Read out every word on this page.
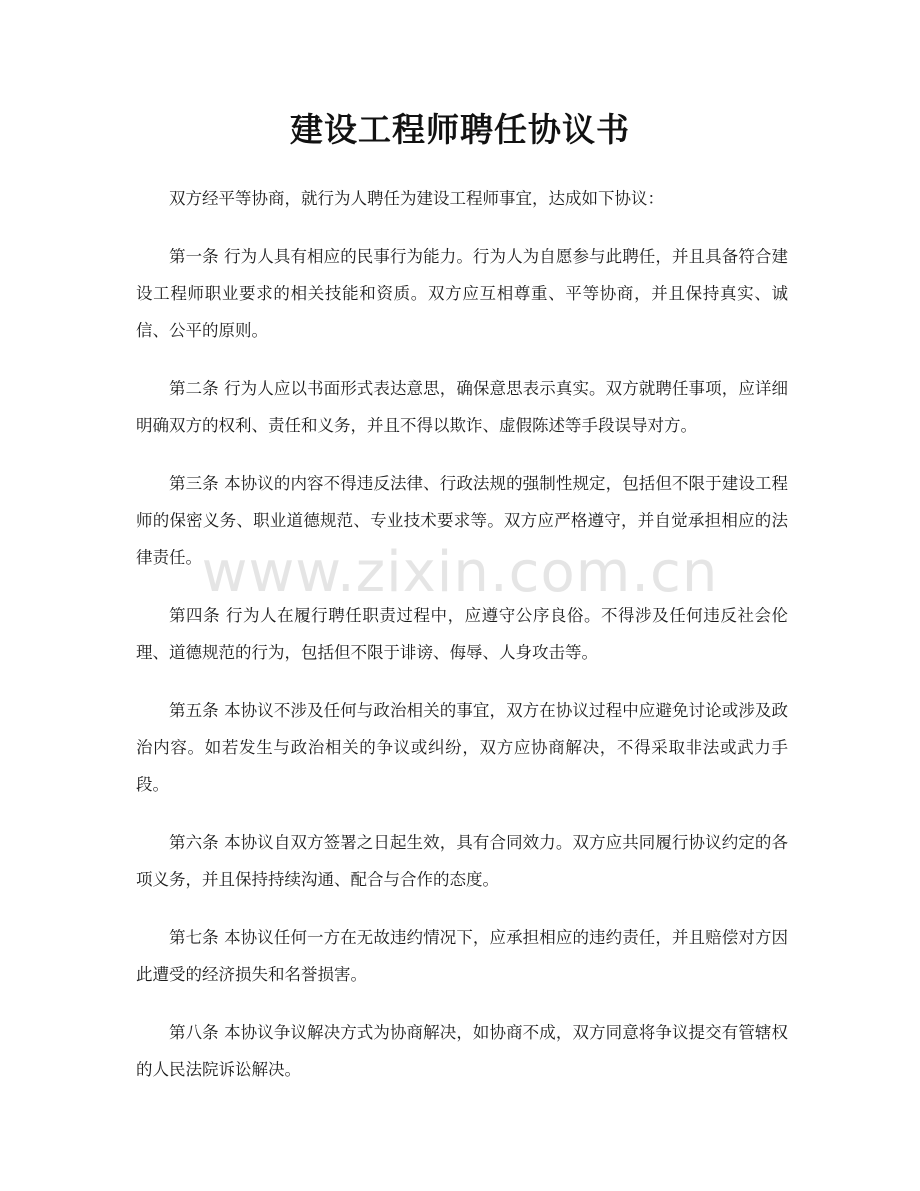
建设工程师聘任协议书

双方经平等协商，就行为人聘任为建设工程师事宜，达成如下协议：

第一条 行为人具有相应的民事行为能力。行为人为自愿参与此聘任，并且具备符合建设工程师职业要求的相关技能和资质。双方应互相尊重、平等协商，并且保持真实、诚信、公平的原则。

第二条 行为人应以书面形式表达意思，确保意思表示真实。双方就聘任事项，应详细明确双方的权利、责任和义务，并且不得以欺诈、虚假陈述等手段误导对方。

第三条 本协议的内容不得违反法律、行政法规的强制性规定，包括但不限于建设工程师的保密义务、职业道德规范、专业技术要求等。双方应严格遵守，并自觉承担相应的法律责任。

第四条 行为人在履行聘任职责过程中，应遵守公序良俗。不得涉及任何违反社会伦理、道德规范的行为，包括但不限于诽谤、侮辱、人身攻击等。

第五条 本协议不涉及任何与政治相关的事宜，双方在协议过程中应避免讨论或涉及政治内容。如若发生与政治相关的争议或纠纷，双方应协商解决，不得采取非法或武力手段。

第六条 本协议自双方签署之日起生效，具有合同效力。双方应共同履行协议约定的各项义务，并且保持持续沟通、配合与合作的态度。

第七条 本协议任何一方在无故违约情况下，应承担相应的违约责任，并且赔偿对方因此遭受的经济损失和名誉损害。

第八条 本协议争议解决方式为协商解决，如协商不成，双方同意将争议提交有管辖权的人民法院诉讼解决。

www.zixin.com.cn
